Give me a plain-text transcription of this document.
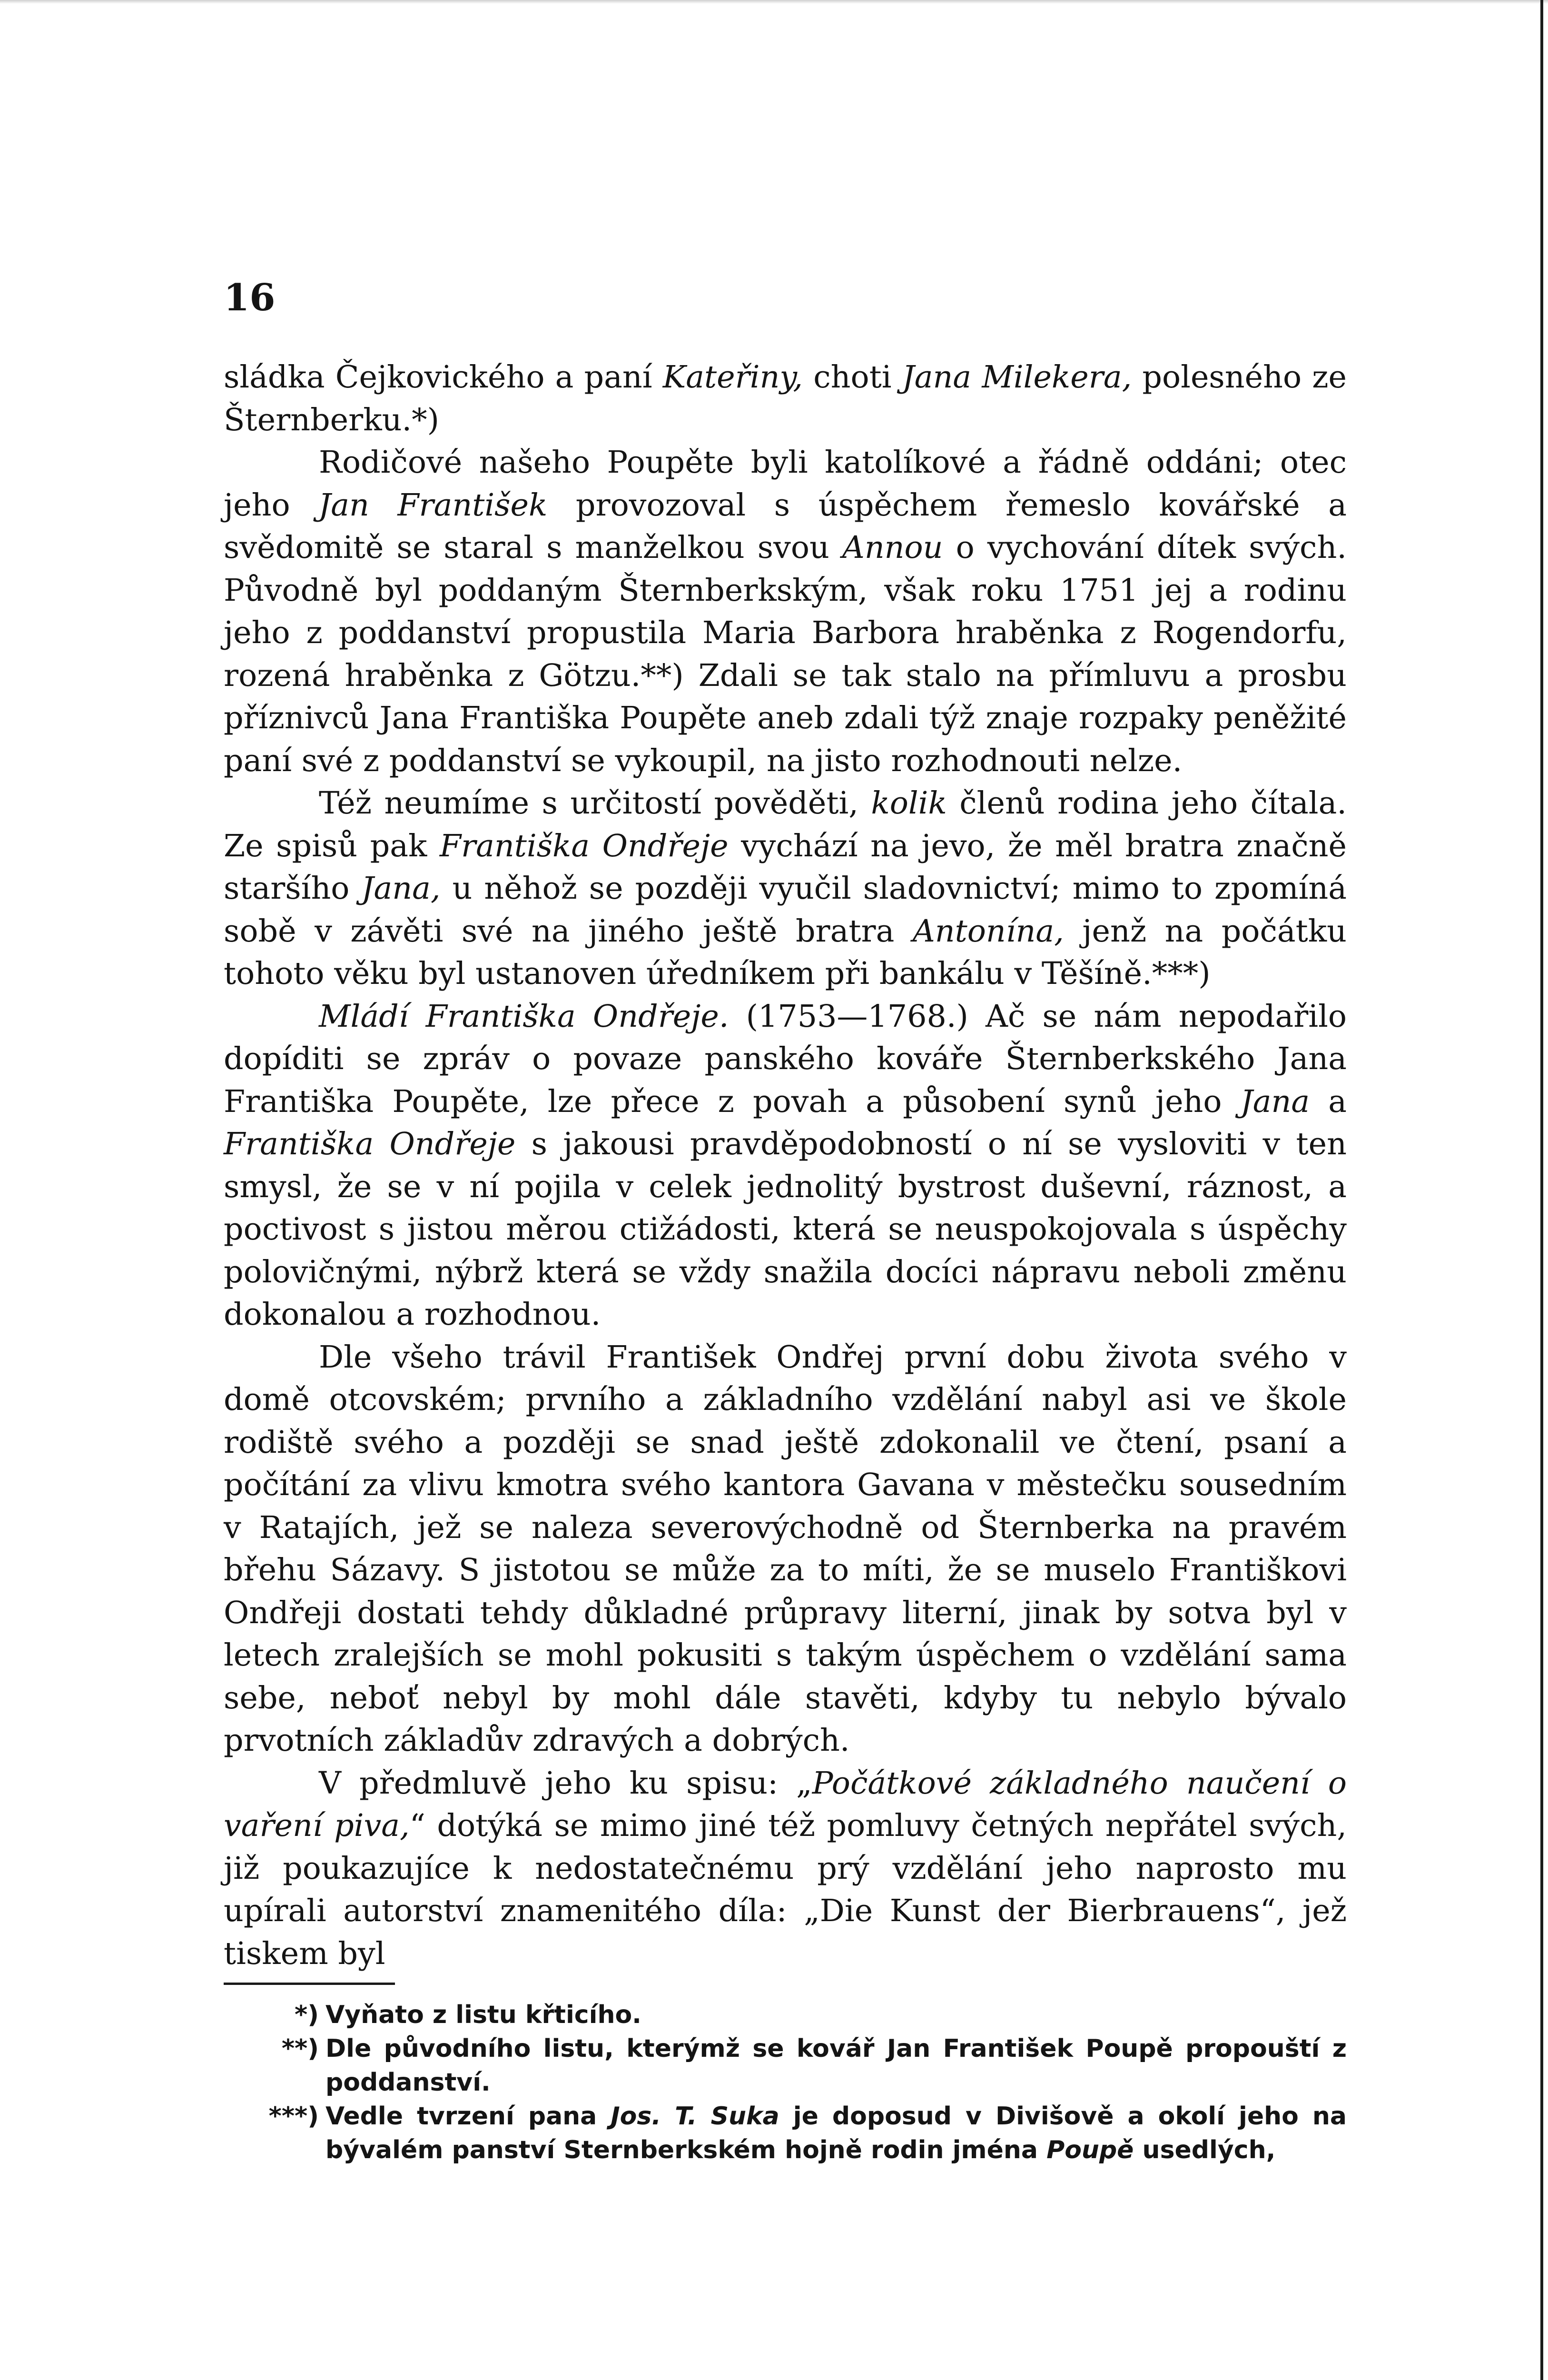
16

sládka Čejkovického a paní Kateřiny, choti Jana Milekera, polesného ze Šternberku.*)

Rodičové našeho Poupěte byli katolíkové a řádně oddáni; otec jeho Jan František provozoval s úspěchem řemeslo kovářské a svědomitě se staral s manželkou svou Annou o vychování dítek svých. Původně byl poddaným Šternberkským, však roku 1751 jej a rodinu jeho z poddanství propustila Maria Barbora hraběnka z Rogendorfu, rozená hraběnka z Götzu.**) Zdali se tak stalo na přímluvu a prosbu příznivců Jana Františka Poupěte aneb zdali týž znaje rozpaky peněžité paní své z poddanství se vykoupil, na jisto rozhodnouti nelze.

Též neumíme s určitostí pověděti, kolik členů rodina jeho čítala. Ze spisů pak Františka Ondřeje vychází na jevo, že měl bratra značně staršího Jana, u něhož se později vyučil sladovnictví; mimo to zpomíná sobě v závěti své na jiného ještě bratra Antonína, jenž na počátku tohoto věku byl ustanoven úředníkem při bankálu v Těšíně.***)

Mládí Františka Ondřeje. (1753—1768.) Ač se nám nepodařilo dopíditi se zpráv o povaze panského kováře Šternberkského Jana Františka Poupěte, lze přece z povah a působení synů jeho Jana a Františka Ondřeje s jakousi pravděpodobností o ní se vysloviti v ten smysl, že se v ní pojila v celek jednolitý bystrost duševní, ráznost, a poctivost s jistou měrou ctižádosti, která se neuspokojovala s úspěchy polovičnými, nýbrž která se vždy snažila docíci nápravu neboli změnu dokonalou a rozhodnou.

Dle všeho trávil František Ondřej první dobu života svého v domě otcovském; prvního a základního vzdělání nabyl asi ve škole rodiště svého a později se snad ještě zdokonalil ve čtení, psaní a počítání za vlivu kmotra svého kantora Gavana v městečku sousedním v Ratajích, jež se naleza severovýchodně od Šternberka na pravém břehu Sázavy. S jistotou se může za to míti, že se muselo Františkovi Ondřeji dostati tehdy důkladné průpravy literní, jinak by sotva byl v letech zralejších se mohl pokusiti s takým úspěchem o vzdělání sama sebe, neboť nebyl by mohl dále stavěti, kdyby tu nebylo bývalo prvotních základův zdravých a dobrých.

V předmluvě jeho ku spisu: „Počátkové základného naučení o vaření piva,“ dotýká se mimo jiné též pomluvy četných nepřátel svých, již poukazujíce k nedostatečnému prý vzdělání jeho naprosto mu upírali autorství znamenitého díla: „Die Kunst der Bierbrauens“, jež tiskem byl

*) Vyňato z listu křticího.
**) Dle původního listu, kterýmž se kovář Jan František Poupě propouští z poddanství.
***) Vedle tvrzení pana Jos. T. Suka je doposud v Divišově a okolí jeho na bývalém panství Sternberkském hojně rodin jména Poupě usedlých,
